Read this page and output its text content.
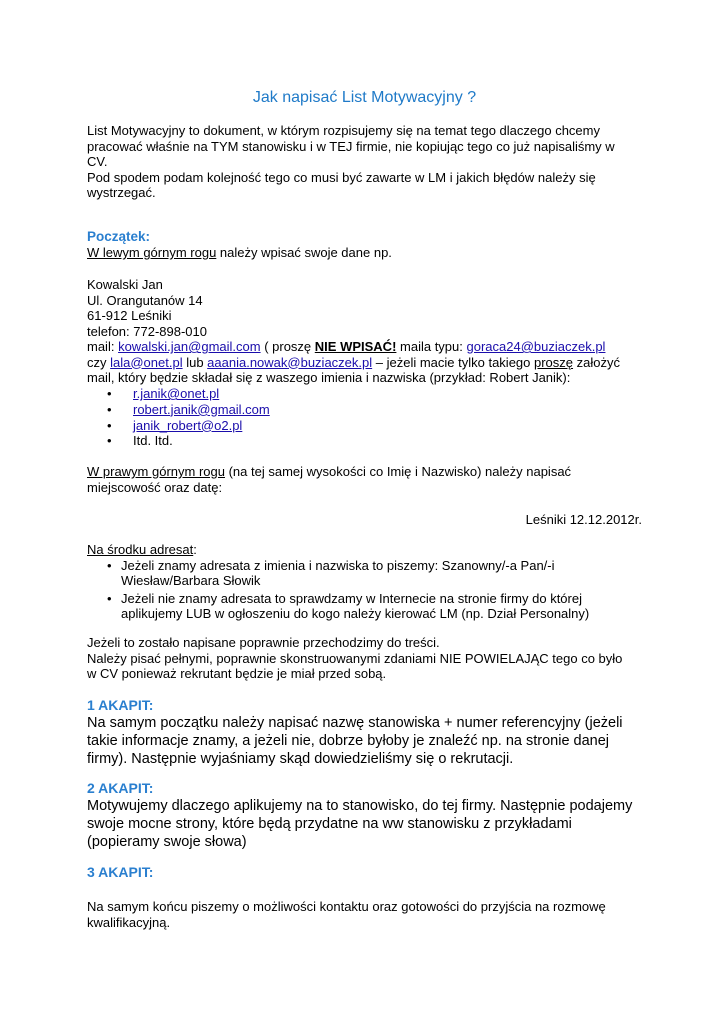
Jak napisać List Motywacyjny ?

List Motywacyjny to dokument, w którym rozpisujemy się na temat tego dlaczego chcemy

pracować właśnie na TYM stanowisku i w TEJ firmie, nie kopiując tego co już napisaliśmy w

CV.

Pod spodem podam kolejność tego co musi być zawarte w LM i jakich błędów należy się

wystrzegać.

Początek:

W lewym górnym rogu należy wpisać swoje dane np.

Kowalski Jan

Ul. Orangutanów 14

61-912 Leśniki

telefon: 772-898-010

mail: kowalski.jan@gmail.com ( proszę NIE WPISAĆ! maila typu: goraca24@buziaczek.pl

czy lala@onet.pl lub aaania.nowak@buziaczek.pl – jeżeli macie tylko takiego proszę założyć

mail, który będzie składał się z waszego imienia i nazwiska (przykład: Robert Janik):

• r.janik@onet.pl
• robert.janik@gmail.com
• janik_robert@o2.pl
• Itd. Itd.

W prawym górnym rogu (na tej samej wysokości co Imię i Nazwisko) należy napisać

miejscowość oraz datę:

Leśniki 12.12.2012r.

Na środku adresat:

• Jeżeli znamy adresata z imienia i nazwiska to piszemy: Szanowny/-a Pan/-i
Wiesław/Barbara Słowik
• Jeżeli nie znamy adresata to sprawdzamy w Internecie na stronie firmy do której
aplikujemy LUB w ogłoszeniu do kogo należy kierować LM (np. Dział Personalny)

Jeżeli to zostało napisane poprawnie przechodzimy do treści.

Należy pisać pełnymi, poprawnie skonstruowanymi zdaniami NIE POWIELAJĄC tego co było

w CV ponieważ rekrutant będzie je miał przed sobą.

1 AKAPIT:

Na samym początku należy napisać nazwę stanowiska + numer referencyjny (jeżeli

takie informacje znamy, a jeżeli nie, dobrze byłoby je znaleźć np. na stronie danej

firmy). Następnie wyjaśniamy skąd dowiedzieliśmy się o rekrutacji.

2 AKAPIT:

Motywujemy dlaczego aplikujemy na to stanowisko, do tej firmy. Następnie podajemy

swoje mocne strony, które będą przydatne na ww stanowisku z przykładami

(popieramy swoje słowa)

3 AKAPIT:

Na samym końcu piszemy o możliwości kontaktu oraz gotowości do przyjścia na rozmowę

kwalifikacyjną.
